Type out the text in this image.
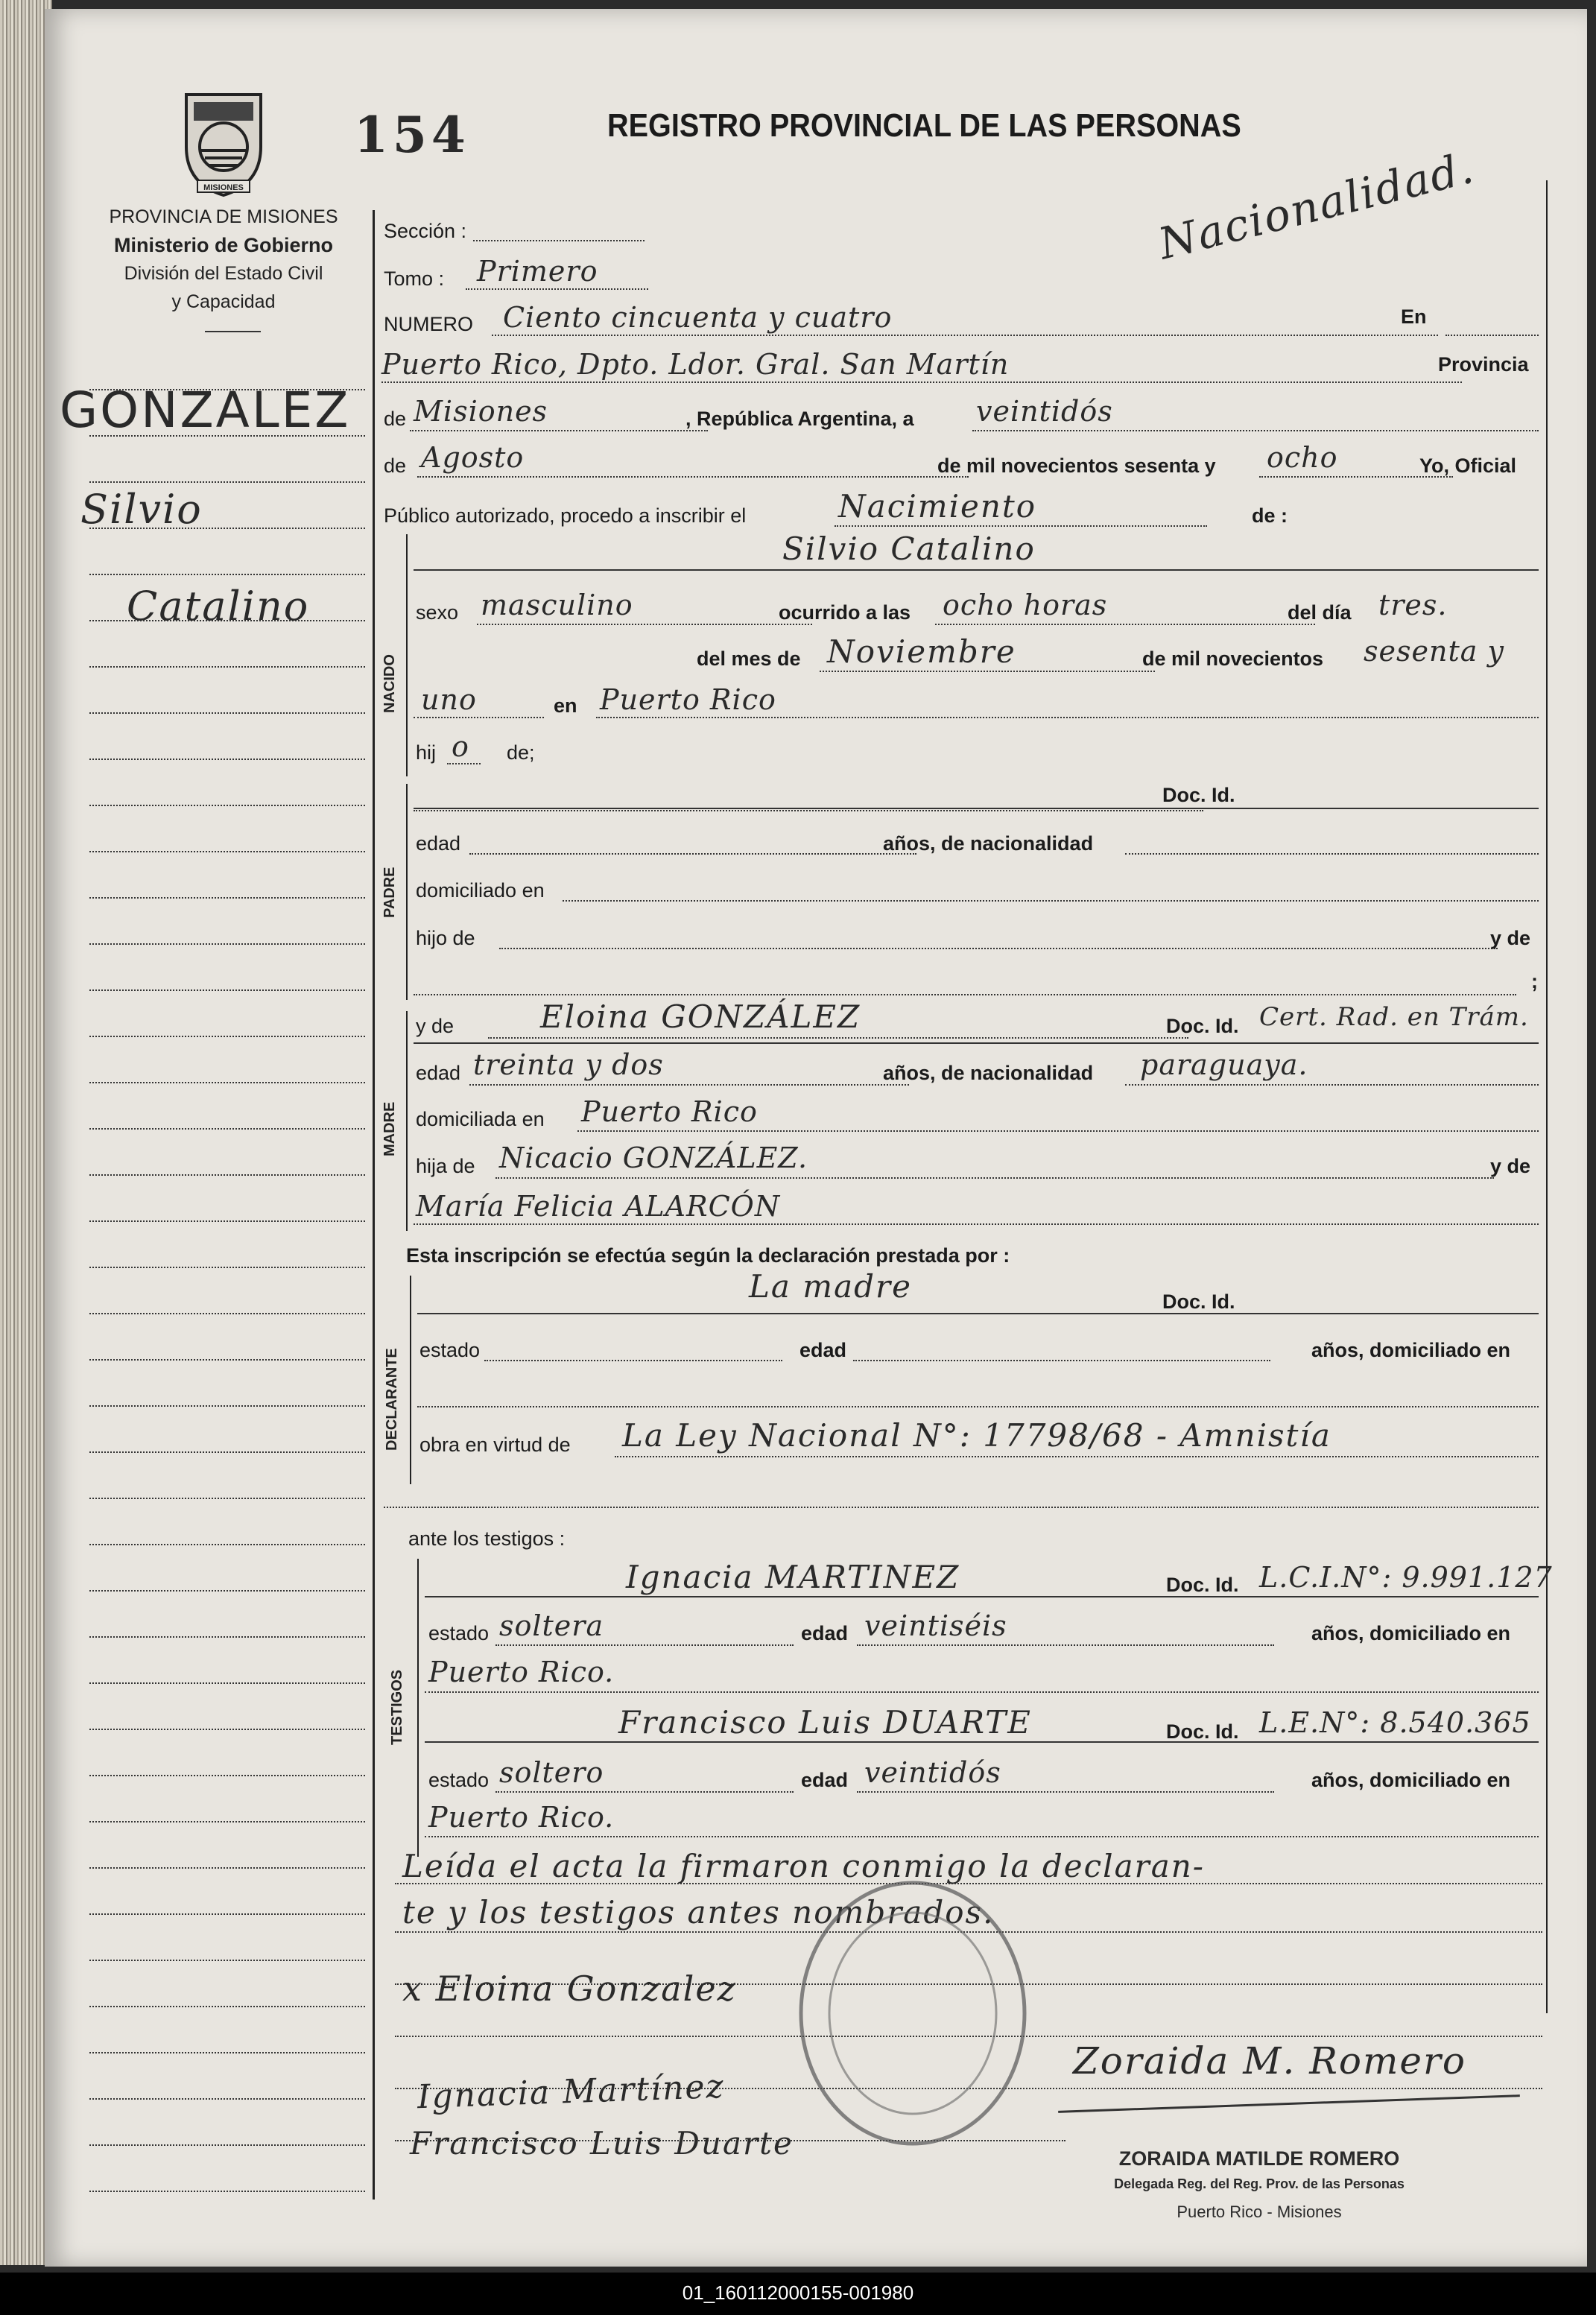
MISIONES
154	REGISTRO PROVINCIAL DE LAS PERSONAS
Nacionalidad.
PROVINCIA DE MISIONES
Ministerio de Gobierno
División del Estado Civil
y Capacidad
GONZALEZ
Silvio
Catalino
Sección :
Tomo : Primero
NUMERO Ciento cincuenta y cuatro	En
Puerto Rico, Dpto. Ldor. Gral. San Martín	Provincia
de Misiones	, República Argentina, a veintidós
de Agosto	de mil novecientos sesenta y ocho	Yo, Oficial
Público autorizado, procedo a inscribir el	Nacimiento	de :
NACIDO
Silvio Catalino
sexo masculino	ocurrido a las ocho horas	del día tres.
del mes de Noviembre	de mil novecientos sesenta y
uno	en Puerto Rico
hij o de;
PADRE
Doc. Id.
edad	años, de nacionalidad
domiciliado en
hijo de	y de
;
MADRE
y de	Eloina GONZÁLEZ	Doc. Id. Cert. Rad. en Trám.
edad treinta y dos	años, de nacionalidad paraguaya.
domiciliada en Puerto Rico
hija de Nicacio GONZÁLEZ.	y de
María Felicia ALARCÓN
Esta inscripción se efectúa según la declaración prestada por :
DECLARANTE
La madre	Doc. Id.
estado	edad	años, domiciliado en
obra en virtud de La Ley Nacional N°: 17798/68 - Amnistía
ante los testigos :
TESTIGOS
Ignacia MARTINEZ	Doc. Id. L.C.I.N°: 9.991.127
estado soltera	edad veintiséis	años, domiciliado en
Puerto Rico.
Francisco Luis DUARTE	Doc. Id. L.E.N°: 8.540.365
estado soltero	edad veintidós	años, domiciliado en
Puerto Rico.
Leída el acta la firmaron conmigo la declaran-
te y los testigos antes nombrados.
x Eloina Gonzalez
Ignacia Martínez
Francisco Luis Duarte
Zoraida M. Romero
ZORAIDA MATILDE ROMERO
Delegada Reg. del Reg. Prov. de las Personas
Puerto Rico - Misiones
01_160112000155-001980
